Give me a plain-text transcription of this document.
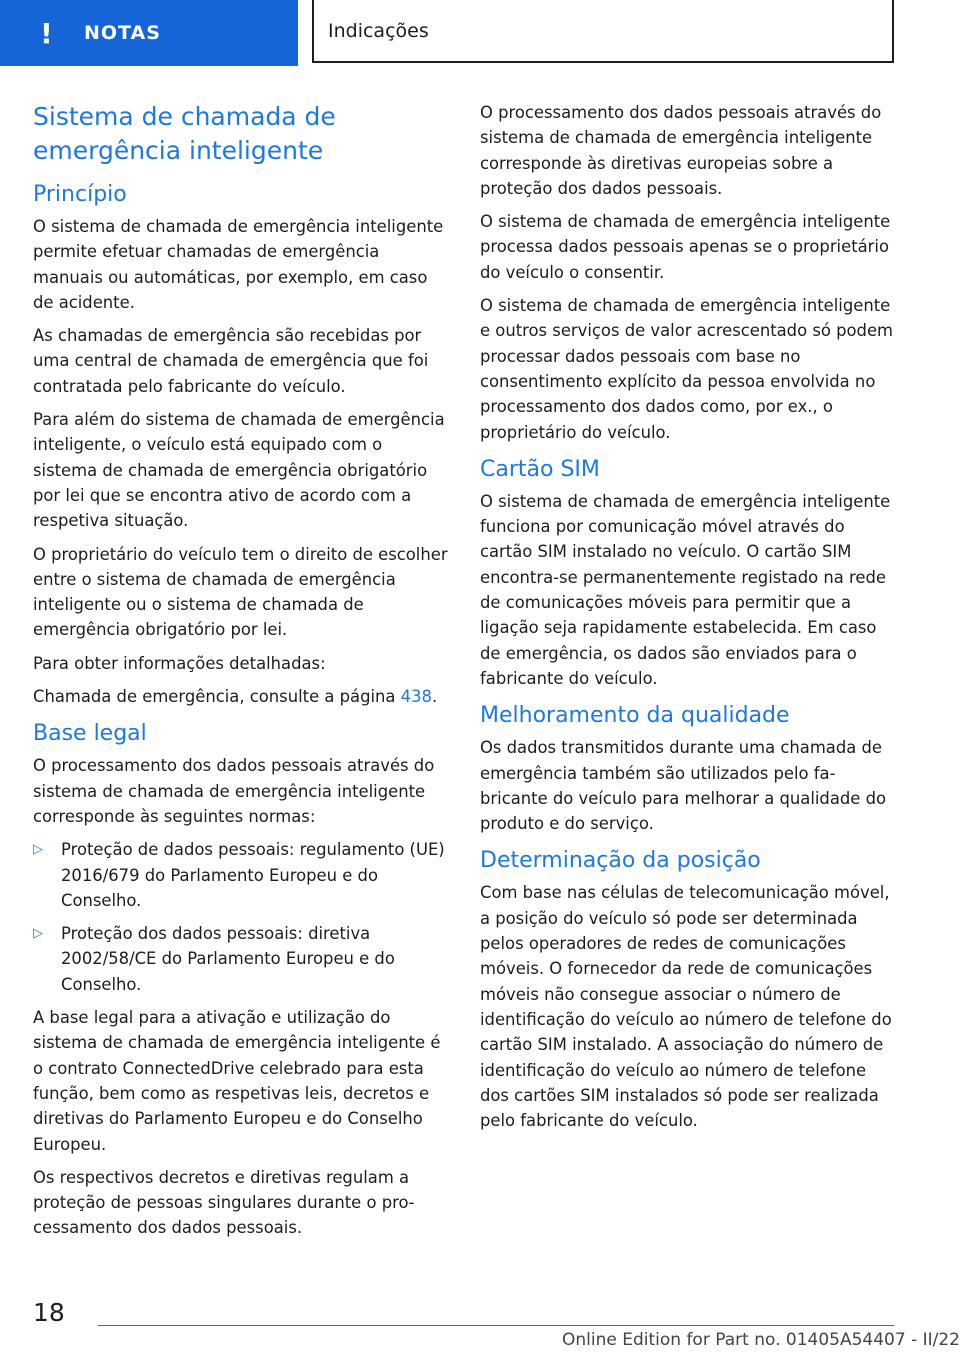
!	NOTAS	Indicações
Sistema de chamada de emergência inteligente
Princípio

O sistema de chamada de emergência inteligente permite efetuar chamadas de emergência manuais ou automáticas, por exemplo, em caso de acidente.

As chamadas de emergência são recebidas por uma central de chamada de emergência que foi contratada pelo fabricante do veículo.

Para além do sistema de chamada de emergência inteligente, o veículo está equipado com o sistema de chamada de emergência obrigatório por lei que se encontra ativo de acordo com a respetiva situação.

O proprietário do veículo tem o direito de escolher entre o sistema de chamada de emergência inteligente ou o sistema de chamada de emergência obrigatório por lei.

Para obter informações detalhadas:

Chamada de emergência, consulte a página 438.

Base legal

O processamento dos dados pessoais através do sistema de chamada de emergência inteligente corresponde às seguintes normas:

▷	Proteção de dados pessoais: regulamento (UE) 2016/679 do Parlamento Europeu e do Conselho.
▷	Proteção dos dados pessoais: diretiva 2002/58/CE do Parlamento Europeu e do Conselho.

A base legal para a ativação e utilização do sistema de chamada de emergência inteligente é o contrato ConnectedDrive celebrado para esta função, bem como as respetivas leis, decretos e diretivas do Parlamento Europeu e do Conselho Europeu.

Os respectivos decretos e diretivas regulam a proteção de pessoas singulares durante o processamento dos dados pessoais.

O processamento dos dados pessoais através do sistema de chamada de emergência inteligente corresponde às diretivas europeias sobre a proteção dos dados pessoais.

O sistema de chamada de emergência inteligente processa dados pessoais apenas se o proprietário do veículo o consentir.

O sistema de chamada de emergência inteligente e outros serviços de valor acrescentado só podem processar dados pessoais com base no consentimento explícito da pessoa envolvida no processamento dos dados como, por ex., o proprietário do veículo.

Cartão SIM

O sistema de chamada de emergência inteligente funciona por comunicação móvel através do cartão SIM instalado no veículo. O cartão SIM encontra-se permanentemente registado na rede de comunicações móveis para permitir que a ligação seja rapidamente estabelecida. Em caso de emergência, os dados são enviados para o fabricante do veículo.

Melhoramento da qualidade

Os dados transmitidos durante uma chamada de emergência também são utilizados pelo fabricante do veículo para melhorar a qualidade do produto e do serviço.

Determinação da posição

Com base nas células de telecomunicação móvel, a posição do veículo só pode ser determinada pelos operadores de redes de comunicações móveis. O fornecedor da rede de comunicações móveis não consegue associar o número de identificação do veículo ao número de telefone do cartão SIM instalado. A associação do número de identificação do veículo ao número de telefone dos cartões SIM instalados só pode ser realizada pelo fabricante do veículo.

18
Online Edition for Part no. 01405A54407 - II/22
